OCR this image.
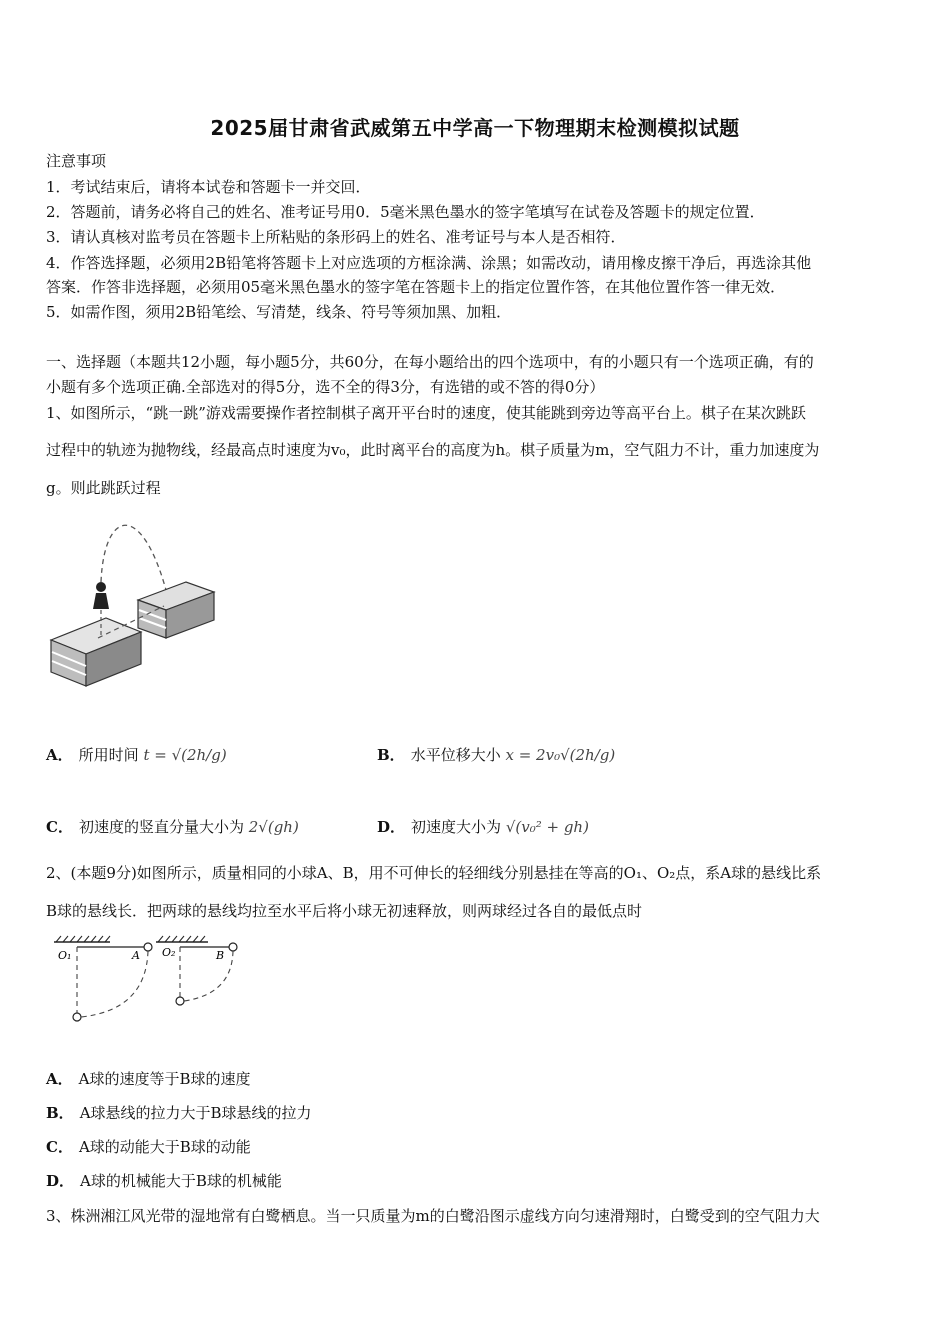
2025届甘肃省武威第五中学高一下物理期末检测模拟试题
注意事项
1．考试结束后，请将本试卷和答题卡一并交回．
2．答题前，请务必将自己的姓名、准考证号用0．5毫米黑色墨水的签字笔填写在试卷及答题卡的规定位置．
3．请认真核对监考员在答题卡上所粘贴的条形码上的姓名、准考证号与本人是否相符．
4．作答选择题，必须用2B铅笔将答题卡上对应选项的方框涂满、涂黑；如需改动，请用橡皮擦干净后，再选涂其他
答案．作答非选择题，必须用05毫米黑色墨水的签字笔在答题卡上的指定位置作答，在其他位置作答一律无效．
5．如需作图，须用2B铅笔绘、写清楚，线条、符号等须加黑、加粗．
一、选择题（本题共12小题，每小题5分，共60分，在每小题给出的四个选项中，有的小题只有一个选项正确，有的
小题有多个选项正确.全部选对的得5分，选不全的得3分，有选错的或不答的得0分）
1、如图所示，“跳一跳”游戏需要操作者控制棋子离开平台时的速度，使其能跳到旁边等高平台上。棋子在某次跳跃
过程中的轨迹为抛物线，经最高点时速度为v₀，此时离平台的高度为h。棋子质量为m，空气阻力不计，重力加速度为
g。则此跳跃过程
A． 所用时间 t = √(2h/g)	B． 水平位移大小 x = 2v₀√(2h/g)
C． 初速度的竖直分量大小为 2√(gh)	D． 初速度大小为 √(v₀² + gh)
2、(本题9分)如图所示，质量相同的小球A、B，用不可伸长的轻细线分别悬挂在等高的O₁、O₂点，系A球的悬线比系
B球的悬线长．把两球的悬线均拉至水平后将小球无初速释放，则两球经过各自的最低点时
O₁	A O₂	B
A． A球的速度等于B球的速度
B． A球悬线的拉力大于B球悬线的拉力
C． A球的动能大于B球的动能
D． A球的机械能大于B球的机械能
3、株洲湘江风光带的湿地常有白鹭栖息。当一只质量为m的白鹭沿图示虚线方向匀速滑翔时，白鹭受到的空气阻力大
